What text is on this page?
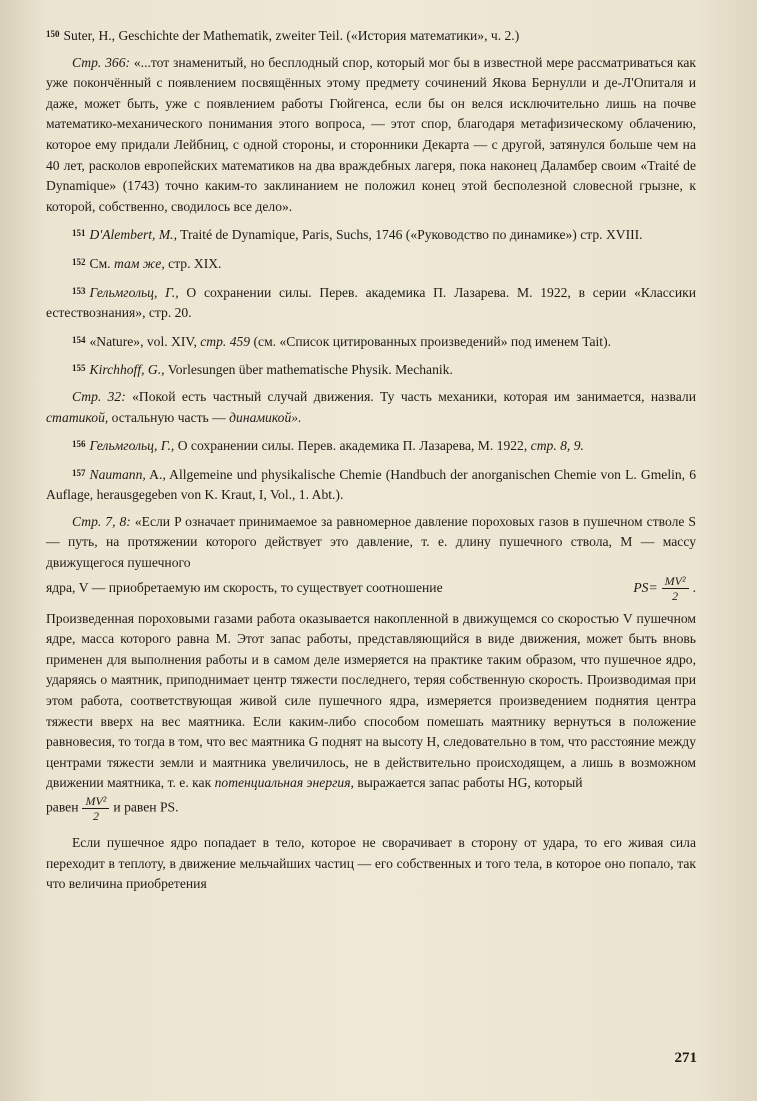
$^{150}$ Suter, H., Geschichte der Mathematik, zweiter Teil. («История математики», ч. 2.)

Стр. 366: «...тот знаменитый, но бесплодный спор, который мог бы в известной мере рассматриваться как уже покончённый с появлением посвящённых этому предмету сочинений Якова Бернулли и де-Л'Опиталя и даже, может быть, уже с появлением работы Гюйгенса, если бы он велся исключительно лишь на почве математико-механического понимания этого вопроса, — этот спор, благодаря метафизическому облачению, которое ему придали Лейбниц, с одной стороны, и сторонники Декарта — с другой, затянулся больше чем на 40 лет, расколов европейских математиков на два враждебных лагеря, пока наконец Даламбер своим «Traité de Dynamique» (1743) точно каким-то заклинанием не положил конец этой бесполезной словесной грызне, к которой, собственно, сводилось все дело».

$^{151}$ D'Alembert, M., Traité de Dynamique, Paris, Suchs, 1746 («Руководство по динамике») стр. XVIII.

$^{152}$ См. там же, стр. XIX.

$^{153}$ Гельмгольц, Г., О сохранении силы. Перев. академика П. Лазарева. М. 1922, в серии «Классики естествознания», стр. 20.

$^{154}$ «Nature», vol. XIV, стр. 459 (см. «Список цитированных произведений» под именем Tait).

$^{155}$ Kirchhoff, G., Vorlesungen über mathematische Physik. Mechanik.

Стр. 32: «Покой есть частный случай движения. Ту часть механики, которая им занимается, назвали статикой, остальную часть — динамикой».

$^{156}$ Гельмгольц, Г., О сохранении силы. Перев. академика П. Лазарева, М. 1922, стр. 8, 9.

$^{157}$ Naumann, A., Allgemeine und physikalische Chemie (Handbuch der anorganischen Chemie von L. Gmelin, 6 Auflage, herausgegeben von K. Kraut, I, Vol., 1. Abt.).

Стр. 7, 8: «Если P означает принимаемое за равномерное давление пороховых газов в пушечном стволе S — путь, на протяжении которого действует это давление, т. е. длину пушечного ствола, M — массу движущегося пушечного

ядра, V — приобретаемую им скорость, то существует соотношение	$PS= \frac{\text{MV²}}{2}$ .

Произведенная пороховыми газами работа оказывается накопленной в движущемся со скоростью V пушечном ядре, масса которого равна M. Этот запас работы, представляющийся в виде движения, может быть вновь применен для выполнения работы и в самом деле измеряется на практике таким образом, что пушечное ядро, ударяясь о маятник, приподнимает центр тяжести последнего, теряя собственную скорость. Производимая при этом работа, соответствующая живой силе пушечного ядра, измеряется произведением поднятия центра тяжести вверх на вес маятника. Если каким-либо способом помешать маятнику вернуться в положение равновесия, то тогда в том, что вес маятника G поднят на высоту H, следовательно в том, что расстояние между центрами тяжести земли и маятника увеличилось, не в действительно происходящем, а лишь в возможном движении маятника, т. е. как потенциальная энергия, выражается запас работы HG, который

равен $\frac{\text{MV²}}{2}$ и равен PS.

Если пушечное ядро попадает в тело, которое не сворачивает в сторону от удара, то его живая сила переходит в теплоту, в движение мельчайших частиц — его собственных и того тела, в которое оно попало, так что величина приобретения

271
